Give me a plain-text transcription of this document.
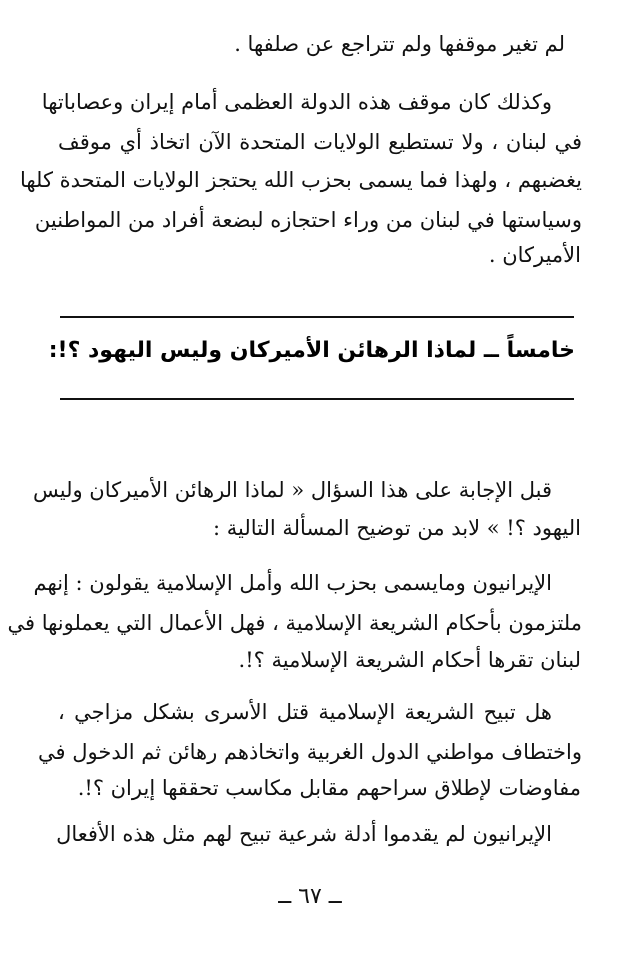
لم تغير موقفها ولم تتراجع عن صلفها .
وكذلك كان موقف هذه الدولة العظمى أمام إيران وعصاباتها
في لبنان ، ولا تستطيع الولايات المتحدة الآن اتخاذ أي موقف
يغضبهم ، ولهذا فما يسمى بحزب الله يحتجز الولايات المتحدة كلها
وسياستها في لبنان من وراء احتجازه لبضعة أفراد من المواطنين
الأميركان .
خامساً ــ لماذا الرهائن الأميركان وليس اليهود ؟!:
قبل الإجابة على هذا السؤال « لماذا الرهائن الأميركان وليس
اليهود ؟! » لابد من توضيح المسألة التالية :
الإيرانيون ومايسمى بحزب الله وأمل الإسلامية يقولون : إنهم
ملتزمون بأحكام الشريعة الإسلامية ، فهل الأعمال التي يعملونها في
لبنان تقرها أحكام الشريعة الإسلامية ؟!.
هل تبيح الشريعة الإسلامية قتل الأسرى بشكل مزاجي ،
واختطاف مواطني الدول الغربية واتخاذهم رهائن ثم الدخول في
مفاوضات لإطلاق سراحهم مقابل مكاسب تحققها إيران ؟!.
الإيرانيون لم يقدموا أدلة شرعية تبيح لهم مثل هذه الأفعال
ــ ٦٧ ــ
